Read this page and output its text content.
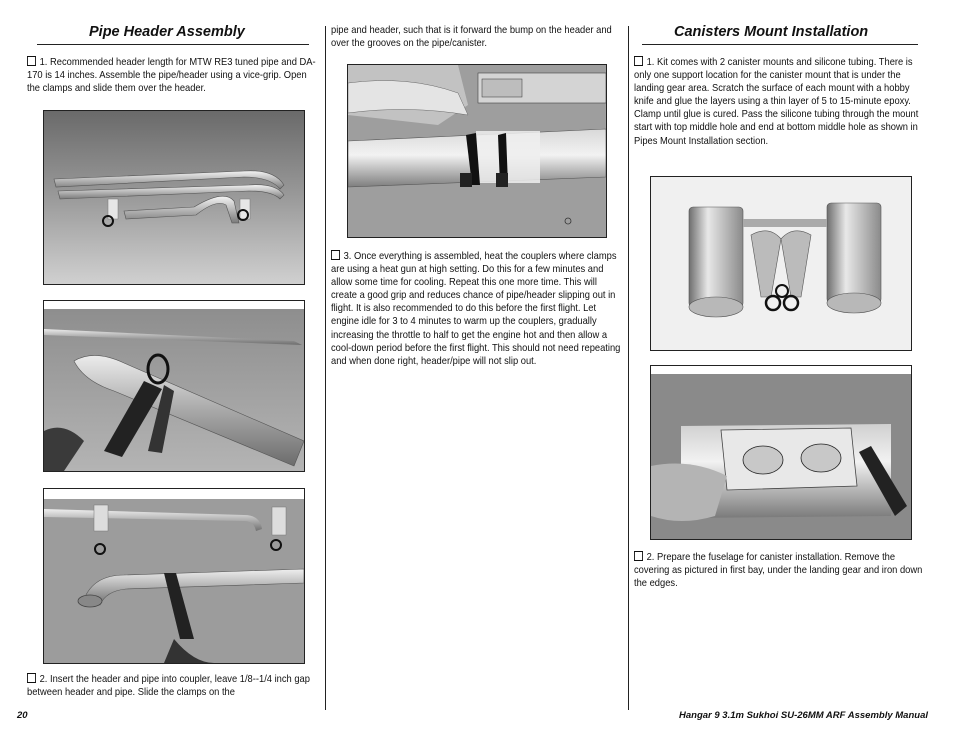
Pipe Header Assembly

1. Recommended header length for MTW RE3 tuned pipe and DA-170 is 14 inches. Assemble the pipe/header using a vice-grip. Open the clamps and slide them over the header.

2. Insert the header and pipe into coupler, leave 1/8--1/4 inch gap between header and pipe. Slide the clamps on the

pipe and header, such that is it forward the bump on the header and over the grooves on the pipe/canister.

3. Once everything is assembled, heat the couplers where clamps are using a heat gun at high setting. Do this for a few minutes and allow some time for cooling. Repeat this one more time. This will create a good grip and reduces chance of pipe/header slipping out in flight. It is also recommended to do this before the first flight. Let engine idle for 3 to 4 minutes to warm up the couplers, gradually increasing the throttle to half to get the engine hot and then allow a cool-down period before the first flight. This should not need repeating and when done right, header/pipe will not slip out.

Canisters Mount Installation

1. Kit comes with 2 canister mounts and silicone tubing. There is only one support location for the canister mount that is under the landing gear area. Scratch the surface of each mount with a hobby knife and glue the layers using a thin layer of 5 to 15-minute epoxy. Clamp until glue is cured. Pass the silicone tubing through the mount start with top middle hole and end at bottom middle hole as shown in Pipes Mount Installation section.

2. Prepare the fuselage for canister installation. Remove the covering as pictured in first bay, under the landing gear and iron down the edges.

20	Hangar 9 3.1m Sukhoi SU-26MM ARF Assembly Manual
